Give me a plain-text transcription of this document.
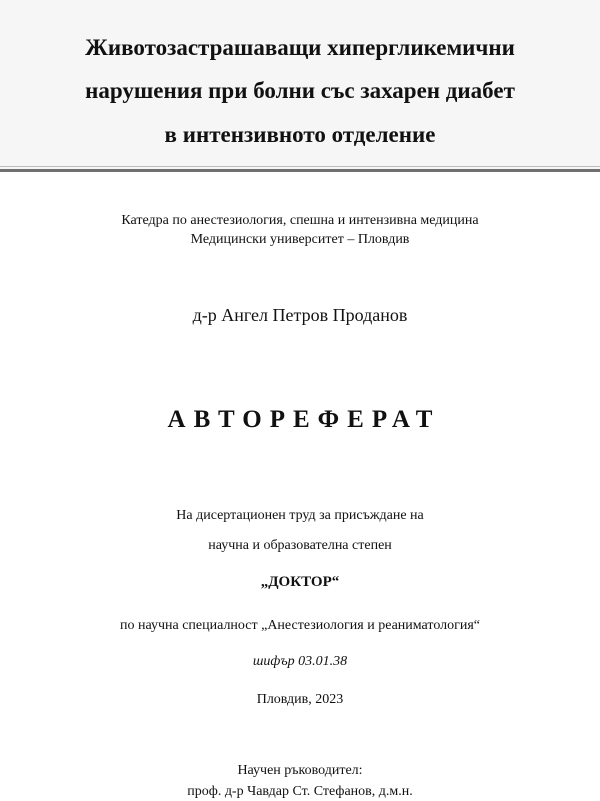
Животозастрашаващи хипергликемични
нарушения при болни със захарен диабет
в интензивното отделение
Катедра по анестезиология, спешна и интензивна медицина
Медицински университет – Пловдив
д-р Ангел Петров Проданов
АВТОРЕФЕРАТ
На дисертационен труд за присъждане на
научна и образователна степен
„ДОКТОР“
по научна специалност „Анестезиология и реаниматология“
шифър 03.01.38
Пловдив, 2023
Научен ръководител:
проф. д-р Чавдар Ст. Стефанов, д.м.н.
